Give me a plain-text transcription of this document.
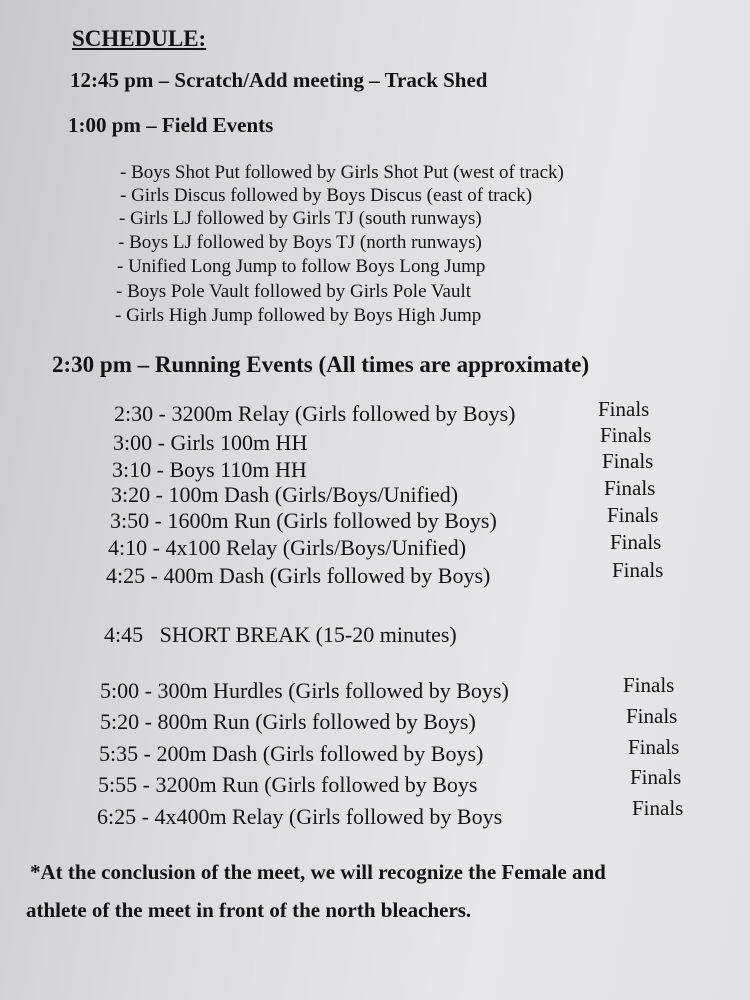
SCHEDULE:
12:45 pm – Scratch/Add meeting – Track Shed
1:00 pm – Field Events
- Boys Shot Put followed by Girls Shot Put (west of track)
- Girls Discus followed by Boys Discus (east of track)
- Girls LJ followed by Girls TJ (south runways)
- Boys LJ followed by Boys TJ (north runways)
- Unified Long Jump to follow Boys Long Jump
- Boys Pole Vault followed by Girls Pole Vault
- Girls High Jump followed by Boys High Jump
2:30 pm – Running Events (All times are approximate)
2:30 - 3200m Relay (Girls followed by Boys)	Finals
3:00 - Girls 100m HH	Finals
3:10 - Boys 110m HH	Finals
3:20 - 100m Dash (Girls/Boys/Unified)	Finals
3:50 - 1600m Run (Girls followed by Boys)	Finals
4:10 - 4x100 Relay (Girls/Boys/Unified)	Finals
4:25 - 400m Dash (Girls followed by Boys)	Finals
4:45   SHORT BREAK (15-20 minutes)
5:00 - 300m Hurdles (Girls followed by Boys)	Finals
5:20 - 800m Run (Girls followed by Boys)	Finals
5:35 - 200m Dash (Girls followed by Boys)	Finals
5:55 - 3200m Run (Girls followed by Boys	Finals
6:25 - 4x400m Relay (Girls followed by Boys	Finals
*At the conclusion of the meet, we will recognize the Female and
athlete of the meet in front of the north bleachers.
